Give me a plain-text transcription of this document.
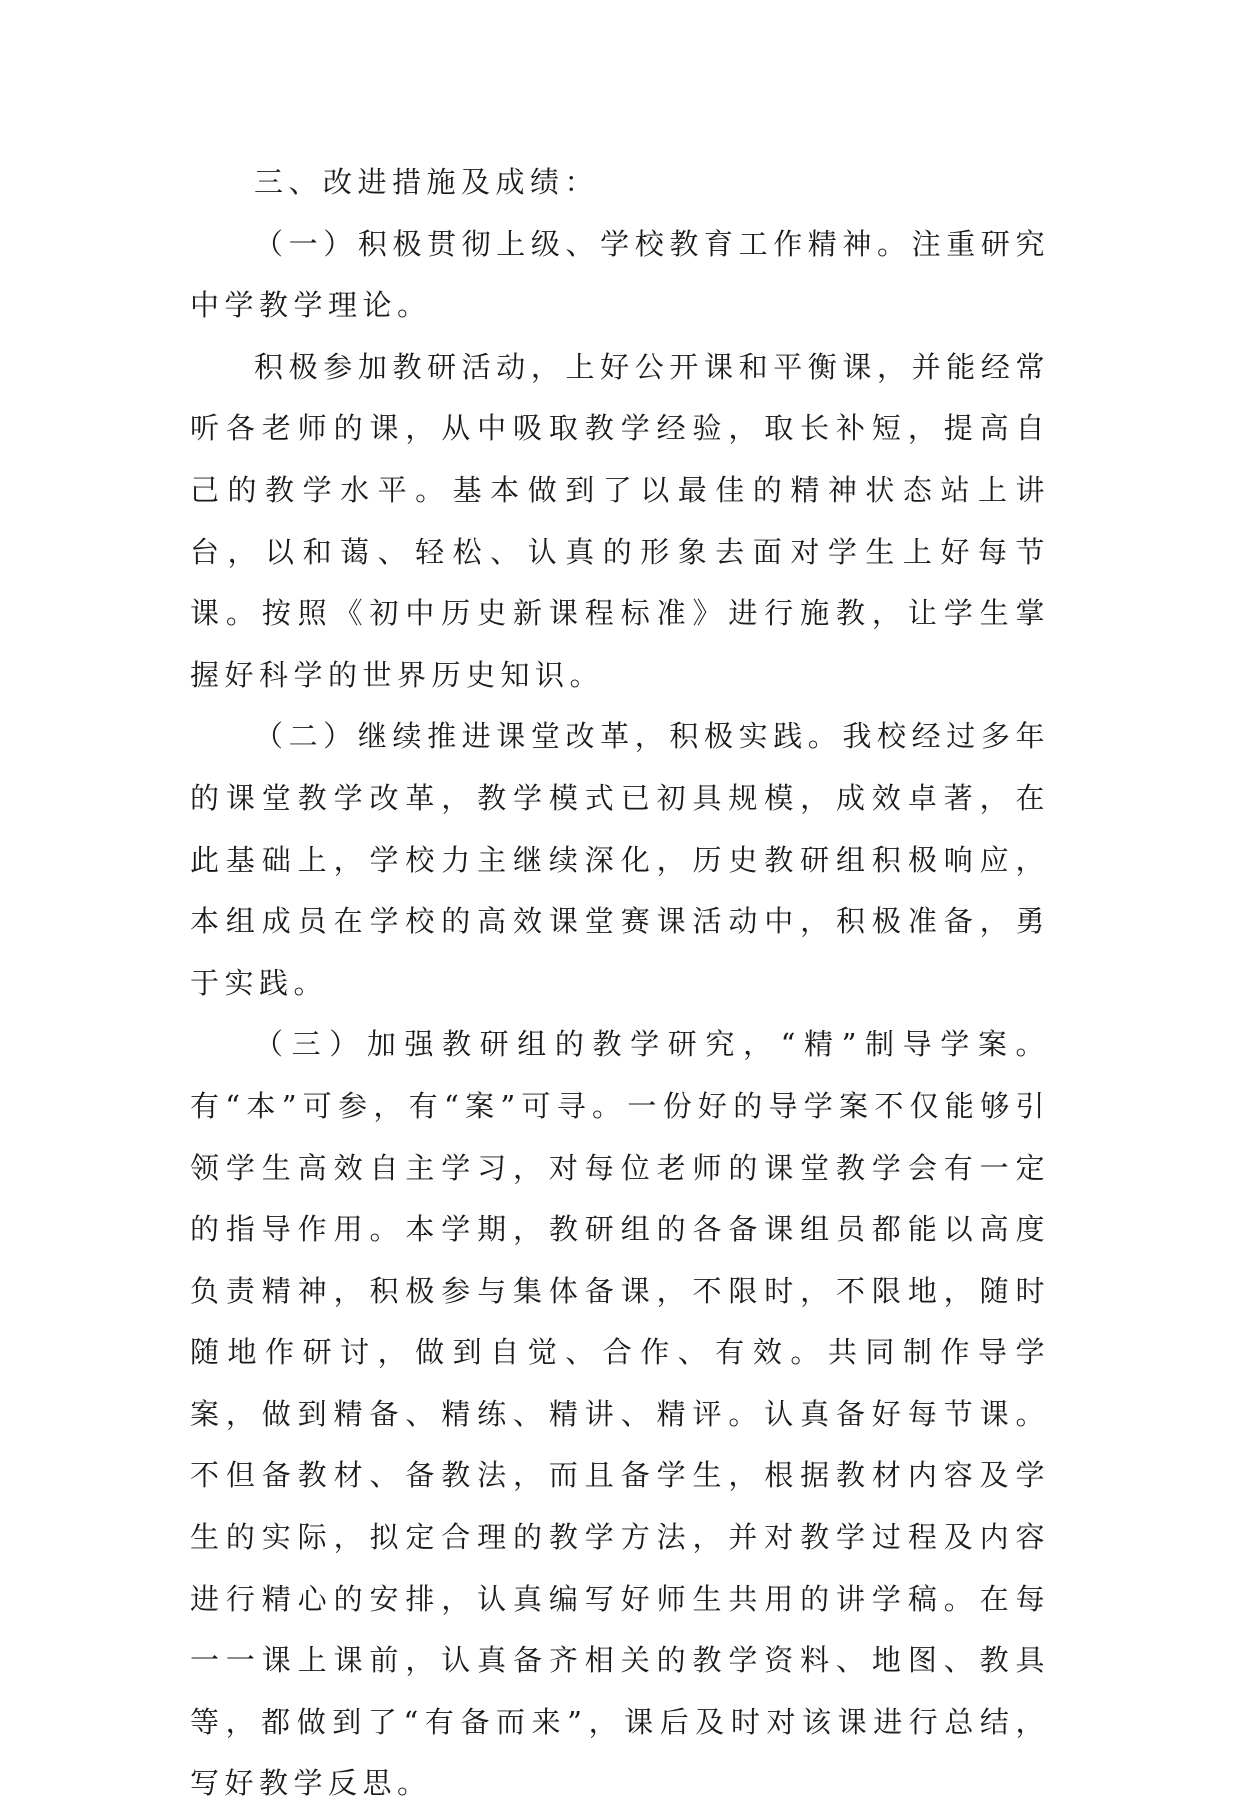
三、改进措施及成绩：

（一）积极贯彻上级、学校教育工作精神。注重研究中学教学理论。

积极参加教研活动，上好公开课和平衡课，并能经常听各老师的课，从中吸取教学经验，取长补短，提高自己的教学水平。基本做到了以最佳的精神状态站上讲台，以和蔼、轻松、认真的形象去面对学生上好每节课。按照《初中历史新课程标准》进行施教，让学生掌握好科学的世界历史知识。

（二）继续推进课堂改革，积极实践。我校经过多年的课堂教学改革，教学模式已初具规模，成效卓著，在此基础上，学校力主继续深化，历史教研组积极响应，本组成员在学校的高效课堂赛课活动中，积极准备，勇于实践。

（三）加强教研组的教学研究，“精”制导学案。有“本”可参，有“案”可寻。一份好的导学案不仅能够引领学生高效自主学习，对每位老师的课堂教学会有一定的指导作用。本学期，教研组的各备课组员都能以高度负责精神，积极参与集体备课，不限时，不限地，随时随地作研讨，做到自觉、合作、有效。共同制作导学案，做到精备、精练、精讲、精评。认真备好每节课。不但备教材、备教法，而且备学生，根据教材内容及学生的实际，拟定合理的教学方法，并对教学过程及内容进行精心的安排，认真编写好师生共用的讲学稿。在每一一课上课前，认真备齐相关的教学资料、地图、教具等，都做到了“有备而来”，课后及时对该课进行总结，写好教学反思。
